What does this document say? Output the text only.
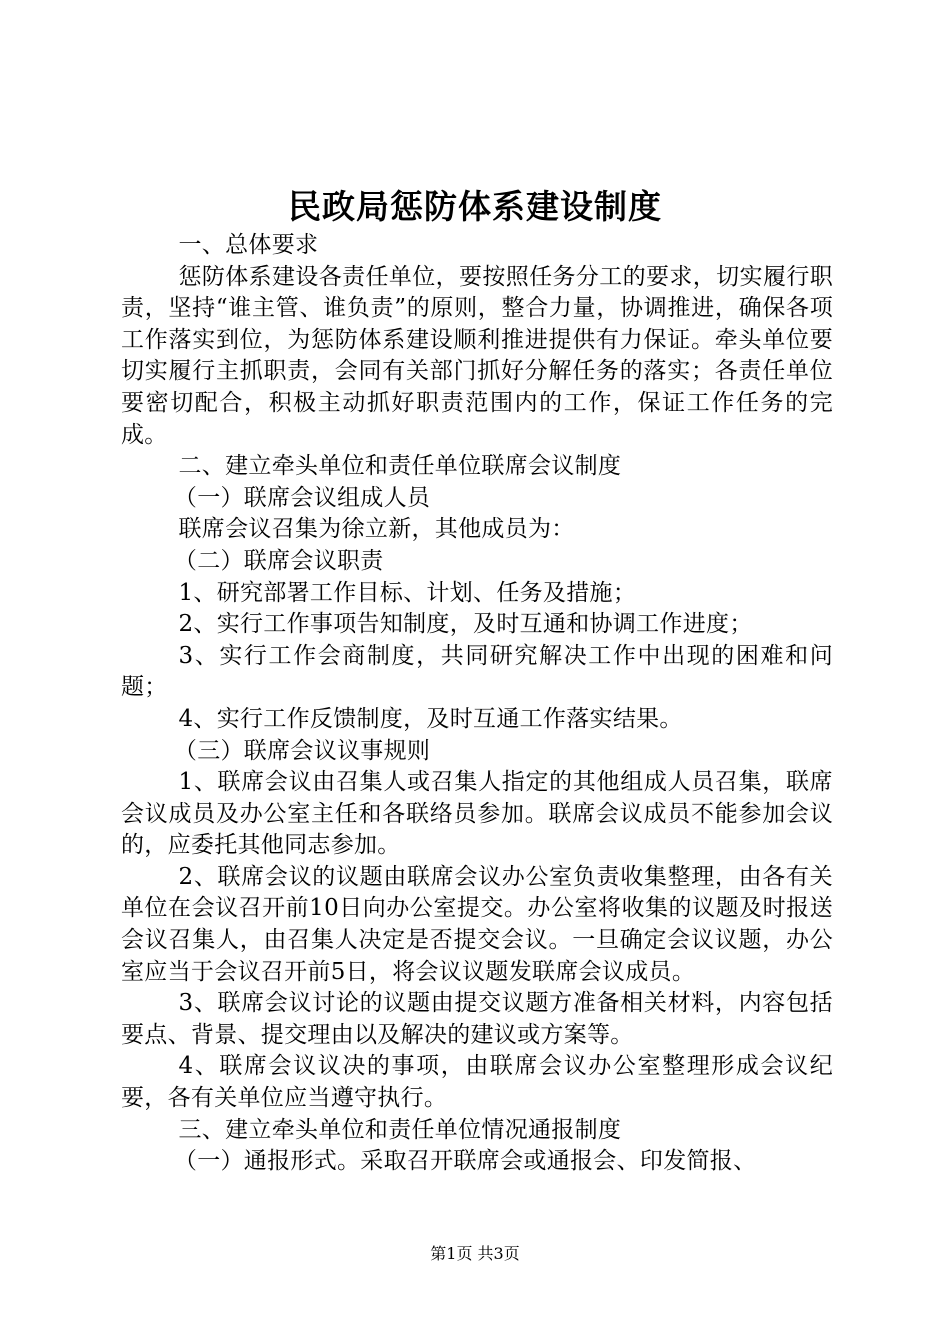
民政局惩防体系建设制度

一、总体要求

惩防体系建设各责任单位，要按照任务分工的要求，切实履行职责，坚持“谁主管、谁负责”的原则，整合力量，协调推进，确保各项工作落实到位，为惩防体系建设顺利推进提供有力保证。牵头单位要切实履行主抓职责，会同有关部门抓好分解任务的落实；各责任单位要密切配合，积极主动抓好职责范围内的工作，保证工作任务的完成。

二、建立牵头单位和责任单位联席会议制度

（一）联席会议组成人员

联席会议召集为徐立新，其他成员为：

（二）联席会议职责

1、研究部署工作目标、计划、任务及措施；

2、实行工作事项告知制度，及时互通和协调工作进度；

3、实行工作会商制度，共同研究解决工作中出现的困难和问题；

4、实行工作反馈制度，及时互通工作落实结果。

（三）联席会议议事规则

1、联席会议由召集人或召集人指定的其他组成人员召集，联席会议成员及办公室主任和各联络员参加。联席会议成员不能参加会议的，应委托其他同志参加。

2、联席会议的议题由联席会议办公室负责收集整理，由各有关单位在会议召开前10日向办公室提交。办公室将收集的议题及时报送会议召集人，由召集人决定是否提交会议。一旦确定会议议题，办公室应当于会议召开前5日，将会议议题发联席会议成员。

3、联席会议讨论的议题由提交议题方准备相关材料，内容包括要点、背景、提交理由以及解决的建议或方案等。

4、联席会议议决的事项，由联席会议办公室整理形成会议纪要，各有关单位应当遵守执行。

三、建立牵头单位和责任单位情况通报制度

（一）通报形式。采取召开联席会或通报会、印发简报、

第1页 共3页
